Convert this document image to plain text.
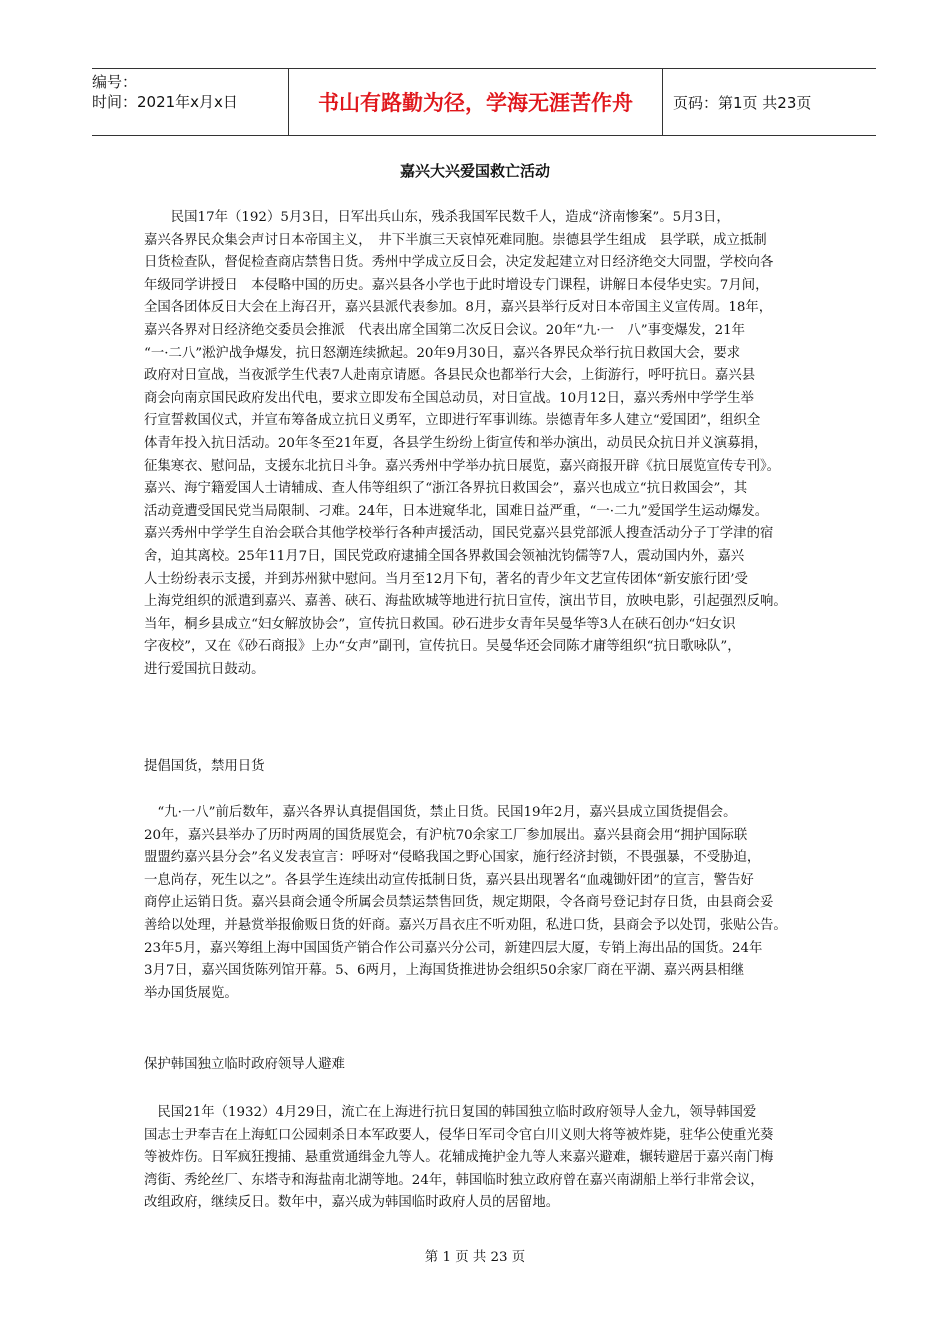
编号：
时间：2021年x月x日	书山有路勤为径，学海无涯苦作舟	页码：第1页 共23页
嘉兴大兴爱国救亡活动

　　民国17年（192）5月3日，日军出兵山东，残杀我国军民数千人，造成“济南惨案”。5月3日，
嘉兴各界民众集会声讨日本帝国主义，　井下半旗三天哀悼死难同胞。崇德县学生组成　县学联，成立抵制
日货检查队，督促检查商店禁售日货。秀州中学成立反日会，决定发起建立对日经济绝交大同盟，学校向各
年级同学讲授日　本侵略中国的历史。嘉兴县各小学也于此时增设专门课程，讲解日本侵华史实。7月间，
全国各团体反日大会在上海召开，嘉兴县派代表参加。8月，嘉兴县举行反对日本帝国主义宣传周。18年，
嘉兴各界对日经济绝交委员会推派　代表出席全国第二次反日会议。20年“九·一　八”事变爆发，21年
“一·二八”淞沪战争爆发，抗日怒潮连续掀起。20年9月30日，嘉兴各界民众举行抗日救国大会，要求
政府对日宣战，当夜派学生代表7人赴南京请愿。各县民众也都举行大会，上街游行，呼吁抗日。嘉兴县
商会向南京国民政府发出代电，要求立即发布全国总动员，对日宣战。10月12日，嘉兴秀州中学学生举
行宣誓救国仪式，并宣布筹备成立抗日义勇军，立即进行军事训练。崇德青年多人建立“爱国团”，组织全
体青年投入抗日活动。20年冬至21年夏，各县学生纷纷上街宣传和举办演出，动员民众抗日并义演募捐，
征集寒衣、慰问品，支援东北抗日斗争。嘉兴秀州中学举办抗日展览，嘉兴商报开辟《抗日展览宣传专刊》。
嘉兴、海宁籍爱国人士请辅成、查人伟等组织了“浙江各界抗日救国会”，嘉兴也成立“抗日救国会”，其
活动竟遭受国民党当局限制、刁难。24年，日本进窥华北，国难日益严重，“一·二九”爱国学生运动爆发。
嘉兴秀州中学学生自治会联合其他学校举行各种声援活动，国民党嘉兴县党部派人搜查活动分子丁学津的宿
舍，迫其离校。25年11月7日，国民党政府逮捕全国各界救国会领袖沈钧儒等7人，震动国内外，嘉兴
人士纷纷表示支援，并到苏州狱中慰问。当月至12月下旬，著名的青少年文艺宣传团体“新安旅行团’受
上海党组织的派遣到嘉兴、嘉善、硖石、海盐欧城等地进行抗日宣传，演出节目，放映电影，引起强烈反响。
当年，桐乡县成立“妇女解放协会”，宣传抗日救国。砂石进步女青年吴曼华等3人在硖石创办“妇女识
字夜校”，又在《砂石商报》上办“女声”副刊，宣传抗日。吴曼华还会同陈才庸等组织“抗日歌咏队”，
进行爱国抗日鼓动。

提倡国货，禁用日货

　“九·一八”前后数年，嘉兴各界认真提倡国货，禁止日货。民国19年2月，嘉兴县成立国货提倡会。
20年，嘉兴县举办了历时两周的国货展览会，有沪杭70余家工厂参加展出。嘉兴县商会用“拥护国际联
盟盟约嘉兴县分会”名义发表宣言：呼呀对“侵略我国之野心国家，施行经济封锁，不畏强暴，不受胁迫，
一息尚存，死生以之”。各县学生连续出动宣传抵制日货，嘉兴县出现署名“血魂锄奸团”的宣言，警告好
商停止运销日货。嘉兴县商会通令所属会员禁运禁售回货，规定期限，令各商号登记封存日货，由县商会妥
善给以处理，并悬赏举报偷贩日货的奸商。嘉兴万昌衣庄不听劝阻，私进口货，县商会予以处罚，张贴公告。
23年5月，嘉兴筹组上海中国国货产销合作公司嘉兴分公司，新建四层大厦，专销上海出品的国货。24年
3月7日，嘉兴国货陈列馆开幕。5、6两月，上海国货推进协会组织50余家厂商在平湖、嘉兴两县相继
举办国货展览。

保护韩国独立临时政府领导人避难

　民国21年（1932）4月29日，流亡在上海进行抗日复国的韩国独立临时政府领导人金九，领导韩国爱
国志士尹奉吉在上海虹口公园刺杀日本军政要人，侵华日军司令官白川义则大将等被炸毙，驻华公使重光葵
等被炸伤。日军疯狂搜捕、悬重赏通缉金九等人。花辅成掩护金九等人来嘉兴避难，辗转避居于嘉兴南门梅
湾街、秀纶丝厂、东塔寺和海盐南北湖等地。24年，韩国临时独立政府曾在嘉兴南湖船上举行非常会议，
改组政府，继续反日。数年中，嘉兴成为韩国临时政府人员的居留地。

第 1 页 共 23 页
